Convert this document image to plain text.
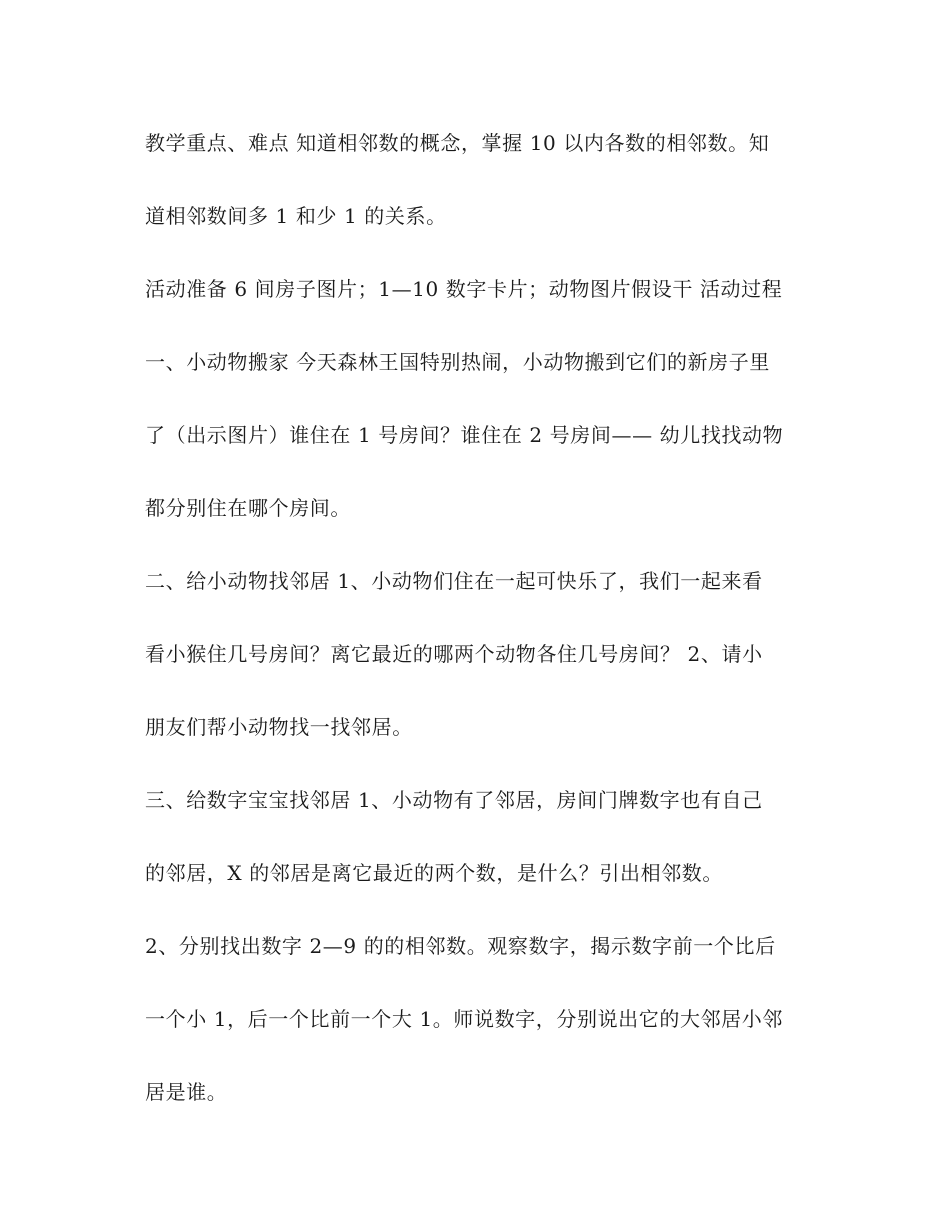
教学重点、难点 知道相邻数的概念，掌握 10 以内各数的相邻数。知
道相邻数间多 1 和少 1 的关系。
活动准备 6 间房子图片；1—10 数字卡片；动物图片假设干 活动过程
一、小动物搬家 今天森林王国特别热闹，小动物搬到它们的新房子里
了（出示图片）谁住在 1 号房间？谁住在 2 号房间—— 幼儿找找动物
都分别住在哪个房间。
二、给小动物找邻居 1、小动物们住在一起可快乐了，我们一起来看
看小猴住几号房间？离它最近的哪两个动物各住几号房间？ 2、请小
朋友们帮小动物找一找邻居。
三、给数字宝宝找邻居 1、小动物有了邻居，房间门牌数字也有自己
的邻居，X 的邻居是离它最近的两个数，是什么？引出相邻数。
2、分别找出数字 2—9 的的相邻数。观察数字，揭示数字前一个比后
一个小 1，后一个比前一个大 1。师说数字，分别说出它的大邻居小邻
居是谁。
